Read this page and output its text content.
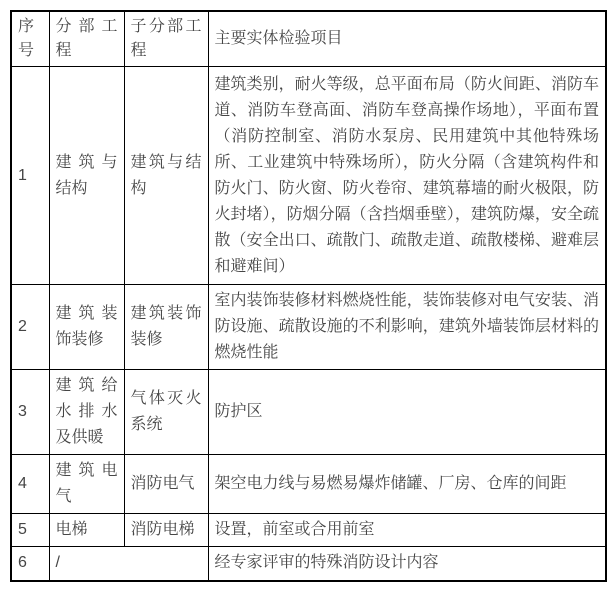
序号	分部工程	子分部工程	主要实体检验项目
1	建筑与结构	建筑与结构	建筑类别，耐火等级，总平面布局（防火间距、消防车道、消防车登高面、消防车登高操作场地），平面布置（消防控制室、消防水泵房、民用建筑中其他特殊场所、工业建筑中特殊场所），防火分隔（含建筑构件和防火门、防火窗、防火卷帘、建筑幕墙的耐火极限，防火封堵），防烟分隔（含挡烟垂壁），建筑防爆，安全疏散（安全出口、疏散门、疏散走道、疏散楼梯、避难层和避难间）
2	建筑装饰装修	建筑装饰装修	室内装饰装修材料燃烧性能，装饰装修对电气安装、消防设施、疏散设施的不利影响，建筑外墙装饰层材料的燃烧性能
3	建筑给水排水及供暖	气体灭火系统	防护区
4	建筑电气	消防电气	架空电力线与易燃易爆炸储罐、厂房、仓库的间距
5	电梯	消防电梯	设置，前室或合用前室
6	/		经专家评审的特殊消防设计内容
